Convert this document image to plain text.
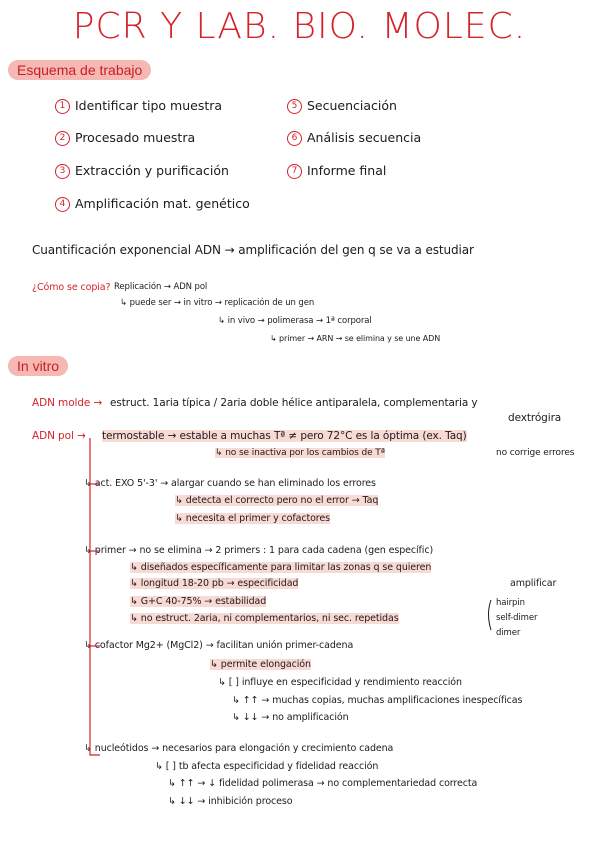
PCR Y LAB. BIO. MOLEC.
Esquema de trabajo
1 Identificar tipo muestra
2 Procesado muestra
3 Extracción y purificación
4 Amplificación mat. genético
5 Secuenciación
6 Análisis secuencia
7 Informe final
Cuantificación exponencial ADN → amplificación del gen q se va a estudiar
¿Cómo se copia? Replicación → ADN pol
↳ puede ser → in vitro → replicación de un gen
↳ in vivo → polimerasa → 1ª corporal
↳ primer → ARN → se elimina y se une ADN
In vitro
ADN molde → estruct. 1aria típica / 2aria doble hélice antiparalela, complementaria y
dextrógira
ADN pol → termostable → estable a muchas Tª ≠ pero 72°C es la óptima (ex. Taq)
↳ no se inactiva por los cambios de Tª	no corrige errores
↳ act. EXO 5'-3' → alargar cuando se han eliminado los errores
↳ detecta el correcto pero no el error → Taq
↳ necesita el primer y cofactores
↳ primer → no se elimina → 2 primers : 1 para cada cadena (gen específic)
↳ diseñados específicamente para limitar las zonas q se quieren
amplificar
↳ longitud 18-20 pb → especificidad
↳ G+C 40-75% → estabilidad
↳ no estruct. 2aria, ni complementarios, ni sec. repetidas
hairpin
self-dimer
dimer
↳ cofactor Mg2+ (MgCl2) → facilitan unión primer-cadena
↳ permite elongación
↳ [ ] influye en especificidad y rendimiento reacción
↳ ↑↑ → muchas copias, muchas amplificaciones inespecíficas
↳ ↓↓ → no amplificación
↳ nucleótidos → necesarios para elongación y crecimiento cadena
↳ [ ] tb afecta especificidad y fidelidad reacción
↳ ↑↑ → ↓ fidelidad polimerasa → no complementariedad correcta
↳ ↓↓ → inhibición proceso
